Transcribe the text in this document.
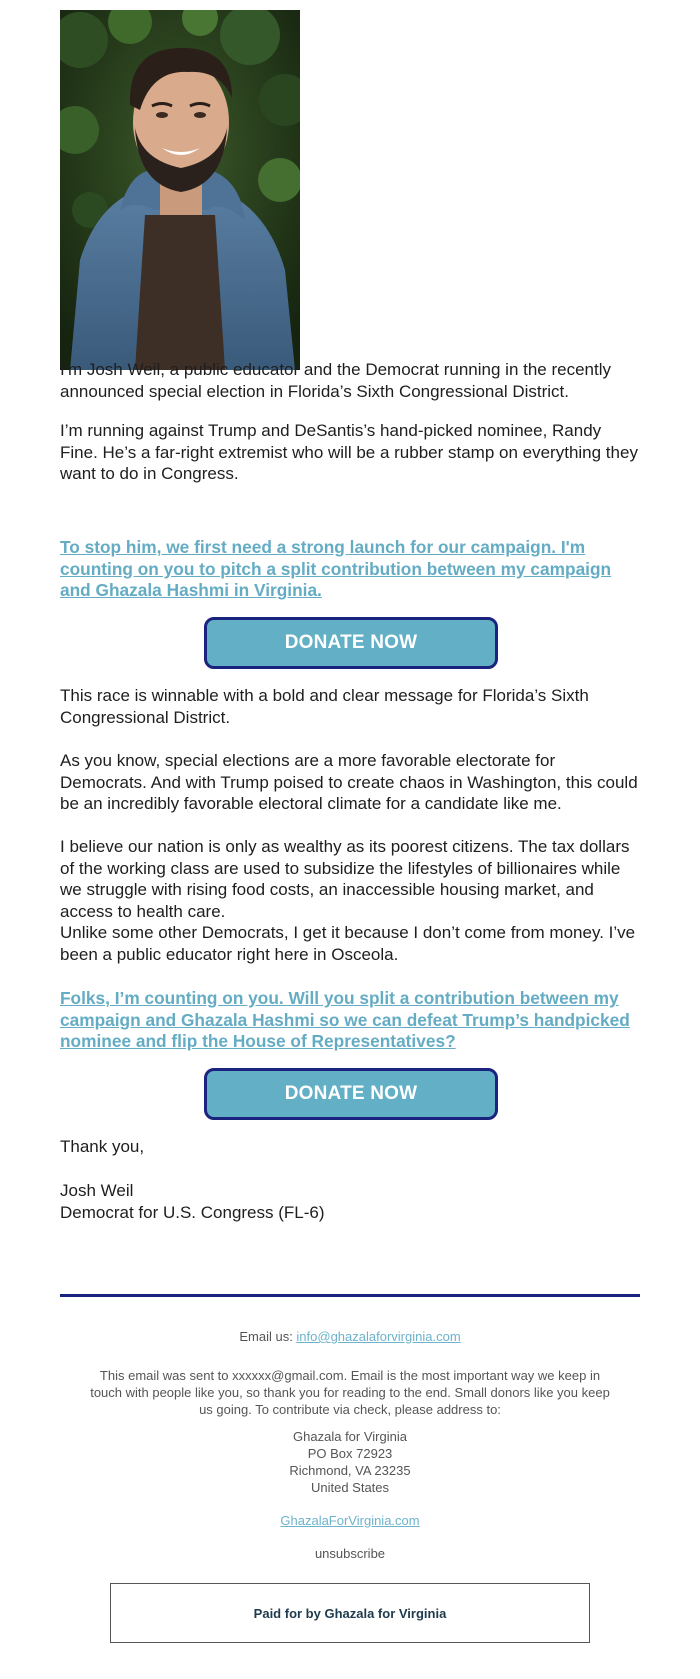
I'm Josh Weil, a public educator and the Democrat running in the recently announced special election in Florida’s Sixth Congressional District.

I’m running against Trump and DeSantis’s hand-picked nominee, Randy Fine. He’s a far-right extremist who will be a rubber stamp on everything they want to do in Congress.

To stop him, we first need a strong launch for our campaign. I'm counting on you to pitch a split contribution between my campaign and Ghazala Hashmi in Virginia.

DONATE NOW

This race is winnable with a bold and clear message for Florida’s Sixth Congressional District.

As you know, special elections are a more favorable electorate for Democrats. And with Trump poised to create chaos in Washington, this could be an incredibly favorable electoral climate for a candidate like me.

I believe our nation is only as wealthy as its poorest citizens. The tax dollars of the working class are used to subsidize the lifestyles of billionaires while we struggle with rising food costs, an inaccessible housing market, and access to health care.

Unlike some other Democrats, I get it because I don’t come from money. I’ve been a public educator right here in Osceola.

Folks, I’m counting on you. Will you split a contribution between my campaign and Ghazala Hashmi so we can defeat Trump’s handpicked nominee and flip the House of Representatives?

DONATE NOW

Thank you,

Josh Weil

Democrat for U.S. Congress (FL-6)

Email us: info@ghazalaforvirginia.com

This email was sent to xxxxxx@gmail.com. Email is the most important way we keep in touch with people like you, so thank you for reading to the end. Small donors like you keep us going. To contribute via check, please address to:

Ghazala for Virginia
PO Box 72923
Richmond, VA 23235
United States

GhazalaForVirginia.com

unsubscribe

Paid for by Ghazala for Virginia
